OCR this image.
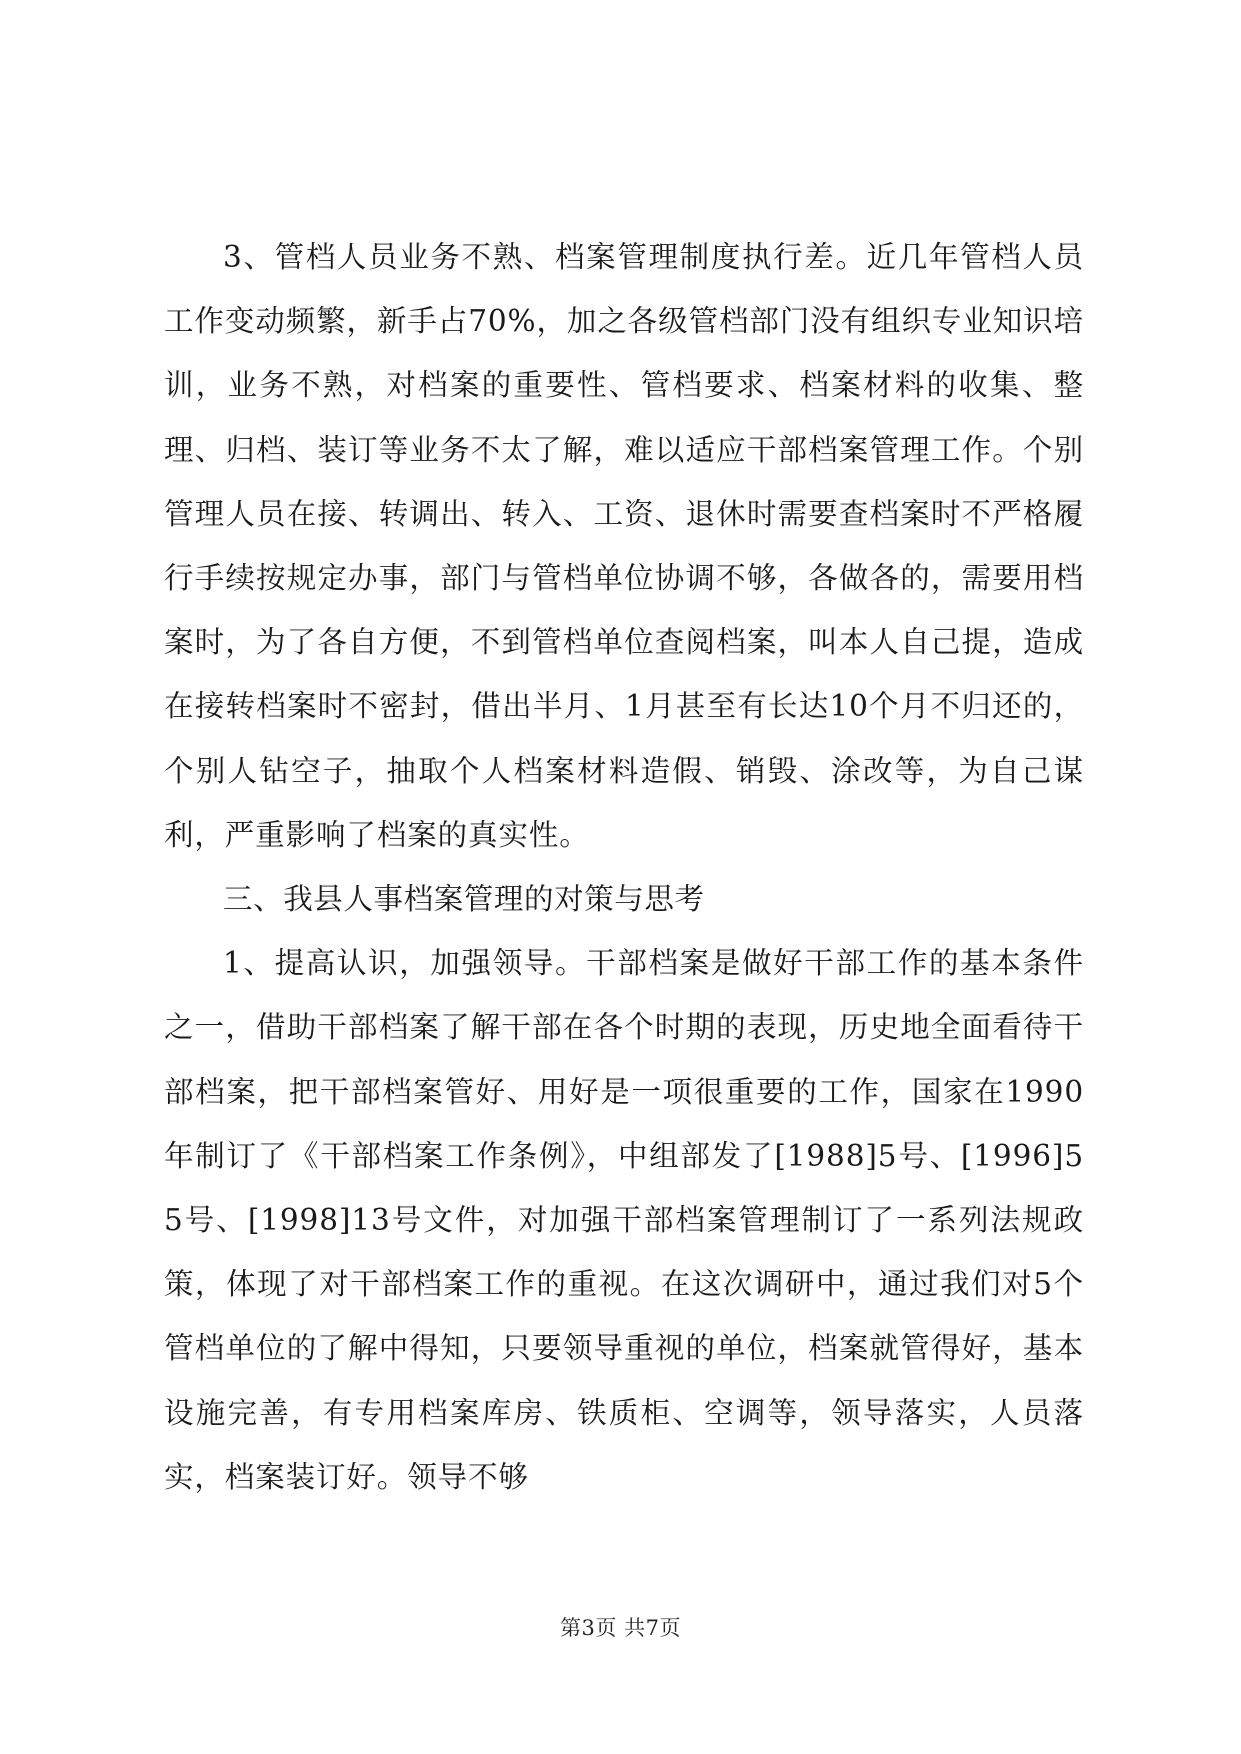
3、管档人员业务不熟、档案管理制度执行差。近几年管档人员工作变动频繁，新手占70%，加之各级管档部门没有组织专业知识培训，业务不熟，对档案的重要性、管档要求、档案材料的收集、整理、归档、装订等业务不太了解，难以适应干部档案管理工作。个别管理人员在接、转调出、转入、工资、退休时需要查档案时不严格履行手续按规定办事，部门与管档单位协调不够，各做各的，需要用档案时，为了各自方便，不到管档单位查阅档案，叫本人自己提，造成在接转档案时不密封，借出半月、1月甚至有长达10个月不归还的，个别人钻空子，抽取个人档案材料造假、销毁、涂改等，为自己谋利，严重影响了档案的真实性。

三、我县人事档案管理的对策与思考

1、提高认识，加强领导。干部档案是做好干部工作的基本条件之一，借助干部档案了解干部在各个时期的表现，历史地全面看待干部档案，把干部档案管好、用好是一项很重要的工作，国家在1990年制订了《干部档案工作条例》，中组部发了[1988]5号、[1996]55号、[1998]13号文件，对加强干部档案管理制订了一系列法规政策，体现了对干部档案工作的重视。在这次调研中，通过我们对5个管档单位的了解中得知，只要领导重视的单位，档案就管得好，基本设施完善，有专用档案库房、铁质柜、空调等，领导落实，人员落实，档案装订好。领导不够

第3页 共7页
